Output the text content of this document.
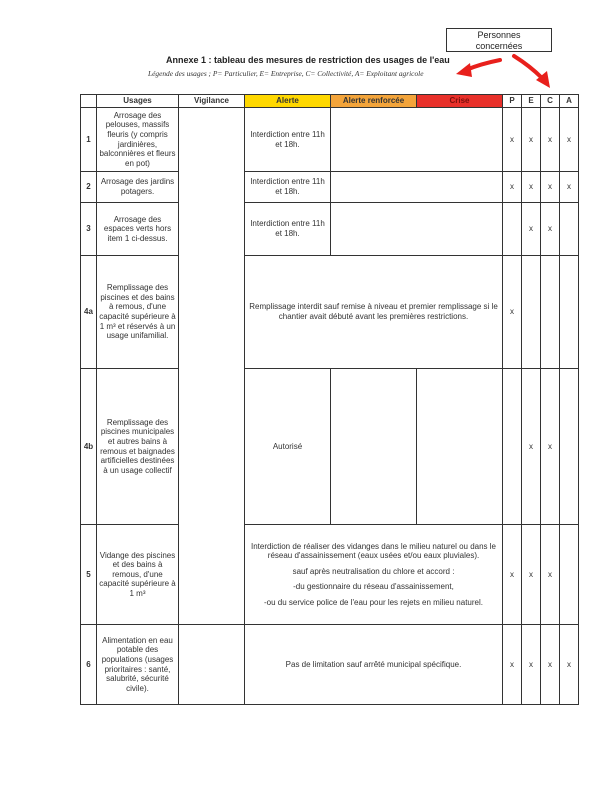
Personnes
concernées
Annexe 1 : tableau des mesures de restriction des usages de l'eau
Légende des usages ; P= Particulier, E= Entreprise, C= Collectivité, A= Exploitant agricole
	Usages	Vigilance	Alerte	Alerte renforcée	Crise	P	E	C	A
1	Arrosage des pelouses, massifs fleuris (y compris jardinières, balconnières et fleurs en pot)		Interdiction entre 11h et 18h.			x	x	x	x
2	Arrosage des jardins potagers.		Interdiction entre 11h et 18h.			x	x	x	x
3	Arrosage des espaces verts hors item 1 ci-dessus.		Interdiction entre 11h et 18h.				x	x	
4a	Remplissage des piscines et des bains à remous, d'une capacité supérieure à 1 m³ et réservés à un usage unifamilial.		Remplissage interdit sauf remise à niveau et premier remplissage si le chantier avait débuté avant les premières restrictions.			x			
4b	Remplissage des piscines municipales et autres bains à remous et baignades artificielles destinées à un usage collectif		Autorisé				x	x	
5	Vidange des piscines et des bains à remous, d'une capacité supérieure à 1 m³		Interdiction de réaliser des vidanges dans le milieu naturel ou dans le réseau d'assainissement (eaux usées et/ou eaux pluviales).

sauf après neutralisation du chlore et accord :

-du gestionnaire du réseau d'assainissement,

-ou du service police de l'eau pour les rejets en milieu naturel.			x	x	x	
6	Alimentation en eau potable des populations (usages prioritaires : santé, salubrité, sécurité civile).		Pas de limitation sauf arrêté municipal spécifique.			x	x	x	x
